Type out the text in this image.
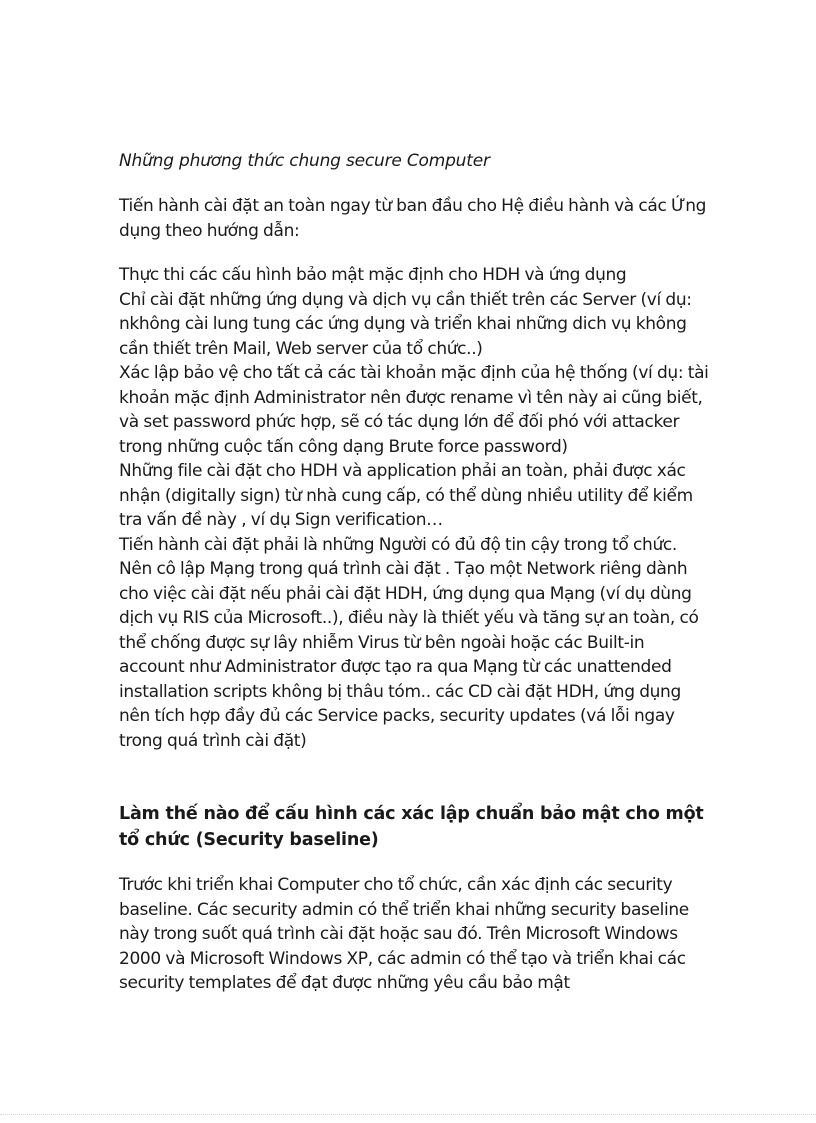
Những phương thức chung secure Computer

Tiến hành cài đặt an toàn ngay từ ban đầu cho Hệ điều hành và các Ứng dụng theo hướng dẫn:

Thực thi các cấu hình bảo mật mặc định cho HDH và ứng dụng

Chỉ cài đặt những ứng dụng và dịch vụ cần thiết trên các Server (ví dụ: nkhông cài lung tung các ứng dụng và triển khai những dich vụ không cần thiết trên Mail, Web server của tổ chức..)

Xác lập bảo vệ cho tất cả các tài khoản mặc định của hệ thống (ví dụ: tài khoản mặc định Administrator nên được rename vì tên này ai cũng biết, và set password phức hợp, sẽ có tác dụng lớn để đối phó với attacker trong những cuộc tấn công dạng Brute force password)

Những file cài đặt cho HDH và application phải an toàn, phải được xác nhận (digitally sign) từ nhà cung cấp, có thể dùng nhiều utility để kiểm tra vấn đề này , ví dụ Sign verification…

Tiến hành cài đặt phải là những Người có đủ độ tin cậy trong tổ chức.

Nên cô lập Mạng trong quá trình cài đặt . Tạo một Network riêng dành cho việc cài đặt nếu phải cài đặt HDH, ứng dụng qua Mạng (ví dụ dùng dịch vụ RIS của Microsoft..), điều này là thiết yếu và tăng sự an toàn, có thể chống được sự lây nhiễm Virus từ bên ngoài hoặc các Built-in account như Administrator được tạo ra qua Mạng từ các unattended installation scripts không bị thâu tóm.. các CD cài đặt HDH, ứng dụng nên tích hợp đầy đủ các Service packs, security updates (vá lỗi ngay trong quá trình cài đặt)

Làm thế nào để cấu hình các xác lập chuẩn bảo mật cho một tổ chức (Security baseline)

Trước khi triển khai Computer cho tổ chức, cần xác định các security baseline. Các security admin có thể triển khai những security baseline này trong suốt quá trình cài đặt hoặc sau đó. Trên Microsoft Windows 2000 và Microsoft Windows XP, các admin có thể tạo và triển khai các security templates để đạt được những yêu cầu bảo mật
